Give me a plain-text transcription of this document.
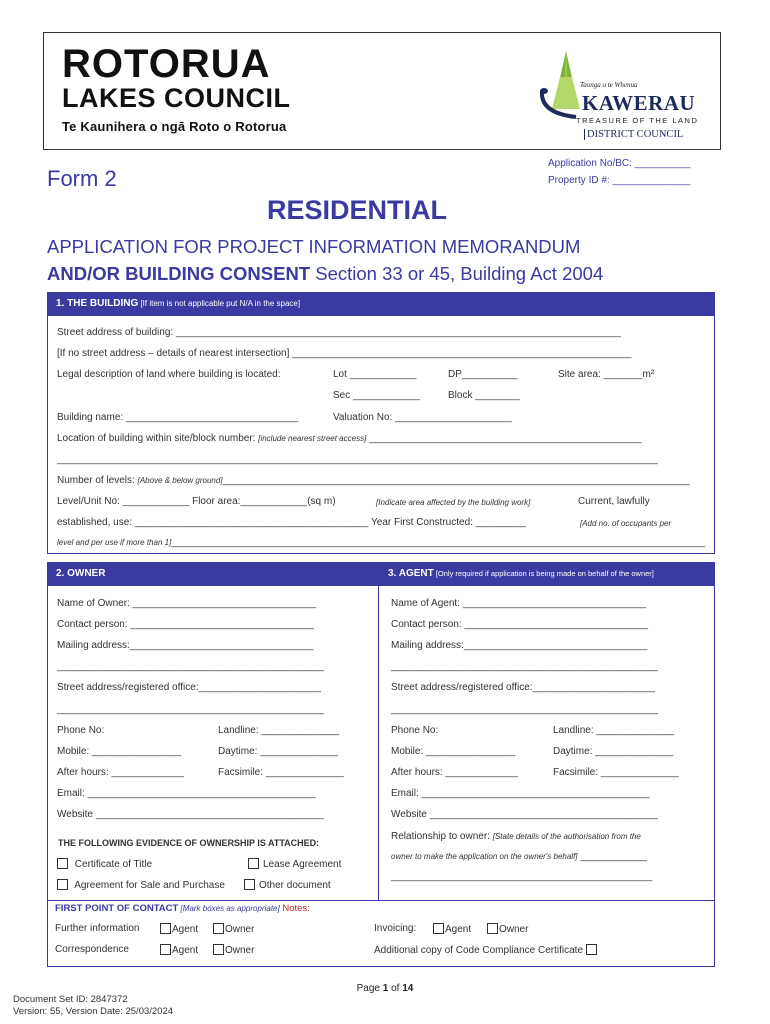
ROTORUA
LAKES COUNCIL
Te Kaunihera o ngā Roto o Rotorua
Taonga o te Whenua
KAWERAU
TREASURE OF THE LAND
DISTRICT COUNCIL
Application No/BC: __________
Property ID #: ______________
Form 2
RESIDENTIAL
APPLICATION FOR PROJECT INFORMATION MEMORANDUM
AND/OR BUILDING CONSENT Section 33 or 45, Building Act 2004
1. THE BUILDING [If item is not applicable put N/A in the space]
Street address of building: ________________________________________________________________________________
[If no street address – details of nearest intersection] _____________________________________________________________
Legal description of land where building is located:	Lot ____________	DP__________	Site area: _______m²
Sec ____________	Block ________
Building name: _______________________________	Valuation No: _____________________
Location of building within site/block number: [include nearest street access] _________________________________________________
____________________________________________________________________________________________________________
Number of levels: [Above & below ground]____________________________________________________________________________________
Level/Unit No: ____________ Floor area:____________(sq m)	[Indicate area affected by the building work]	Current, lawfully
established, use: __________________________________________ Year First Constructed: _________	[Add no. of occupants per
level and per use if more than 1]________________________________________________________________________________________________
2. OWNER
Name of Owner: _________________________________
Contact person: _________________________________
Mailing address:_________________________________
________________________________________________
Street address/registered office:______________________
________________________________________________
Phone No:	Landline: ______________
Mobile: ________________	Daytime: ______________
After hours: _____________	Facsimile: ______________
Email: _________________________________________
Website _________________________________________
THE FOLLOWING EVIDENCE OF OWNERSHIP IS ATTACHED:
Certificate of Title	Lease Agreement
Agreement for Sale and Purchase	Other document
3. AGENT [Only required if application is being made on behalf of the owner]
Name of Agent: _________________________________
Contact person: _________________________________
Mailing address:_________________________________
________________________________________________
Street address/registered office:______________________
________________________________________________
Phone No:	Landline: ______________
Mobile: ________________	Daytime: ______________
After hours: _____________	Facsimile: ______________
Email: _________________________________________
Website _________________________________________
Relationship to owner: [State details of the authorisation from the
owner to make the application on the owner's behalf] ____________
_______________________________________________
FIRST POINT OF CONTACT [Mark boxes as appropriate] Notes:
Further information	Agent	Owner
Correspondence	Agent	Owner
Invoicing:	Agent	Owner
Additional copy of Code Compliance Certificate
Page 1 of 14
Document Set ID: 2847372
Version: 55, Version Date: 25/03/2024
